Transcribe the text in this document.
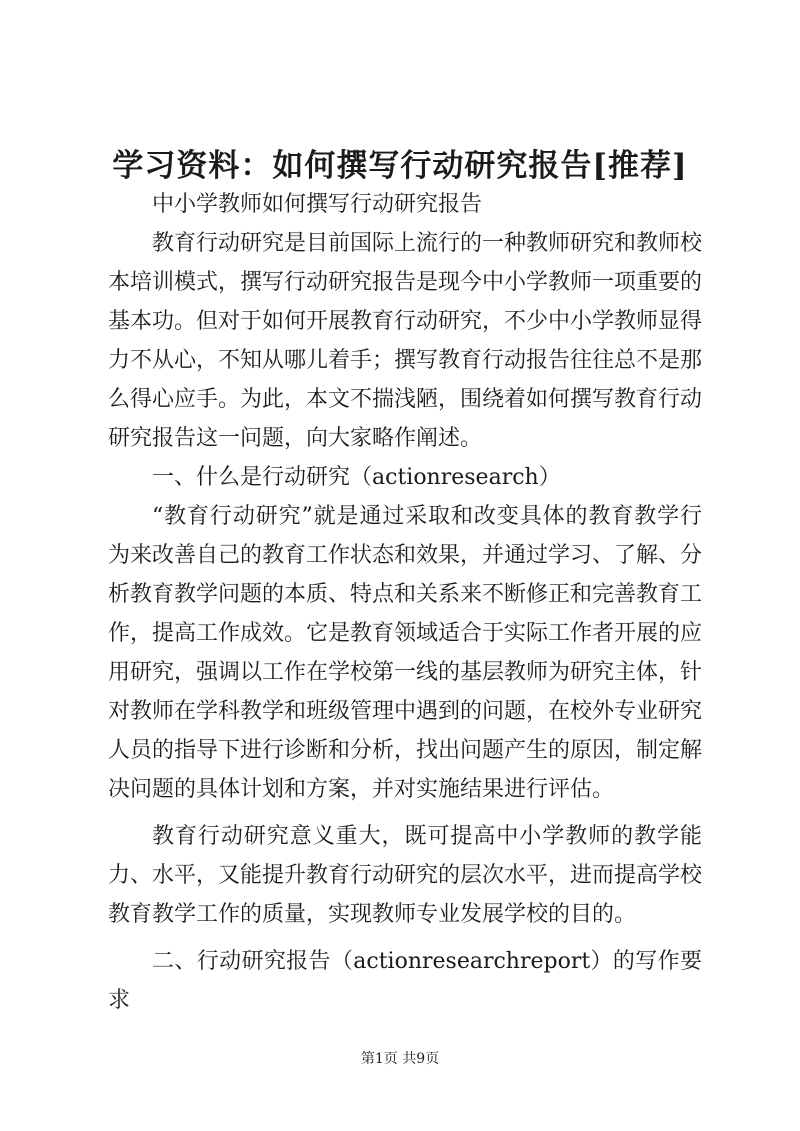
学习资料：如何撰写行动研究报告[推荐]

中小学教师如何撰写行动研究报告

教育行动研究是目前国际上流行的一种教师研究和教师校本培训模式，撰写行动研究报告是现今中小学教师一项重要的基本功。但对于如何开展教育行动研究，不少中小学教师显得力不从心，不知从哪儿着手；撰写教育行动报告往往总不是那么得心应手。为此，本文不揣浅陋，围绕着如何撰写教育行动研究报告这一问题，向大家略作阐述。

一、什么是行动研究（actionresearch）

“教育行动研究”就是通过采取和改变具体的教育教学行为来改善自己的教育工作状态和效果，并通过学习、了解、分析教育教学问题的本质、特点和关系来不断修正和完善教育工作，提高工作成效。它是教育领域适合于实际工作者开展的应用研究，强调以工作在学校第一线的基层教师为研究主体，针对教师在学科教学和班级管理中遇到的问题，在校外专业研究人员的指导下进行诊断和分析，找出问题产生的原因，制定解决问题的具体计划和方案，并对实施结果进行评估。

教育行动研究意义重大，既可提高中小学教师的教学能力、水平，又能提升教育行动研究的层次水平，进而提高学校教育教学工作的质量，实现教师专业发展学校的目的。

二、行动研究报告（actionresearchreport）的写作要求

第1页 共9页
